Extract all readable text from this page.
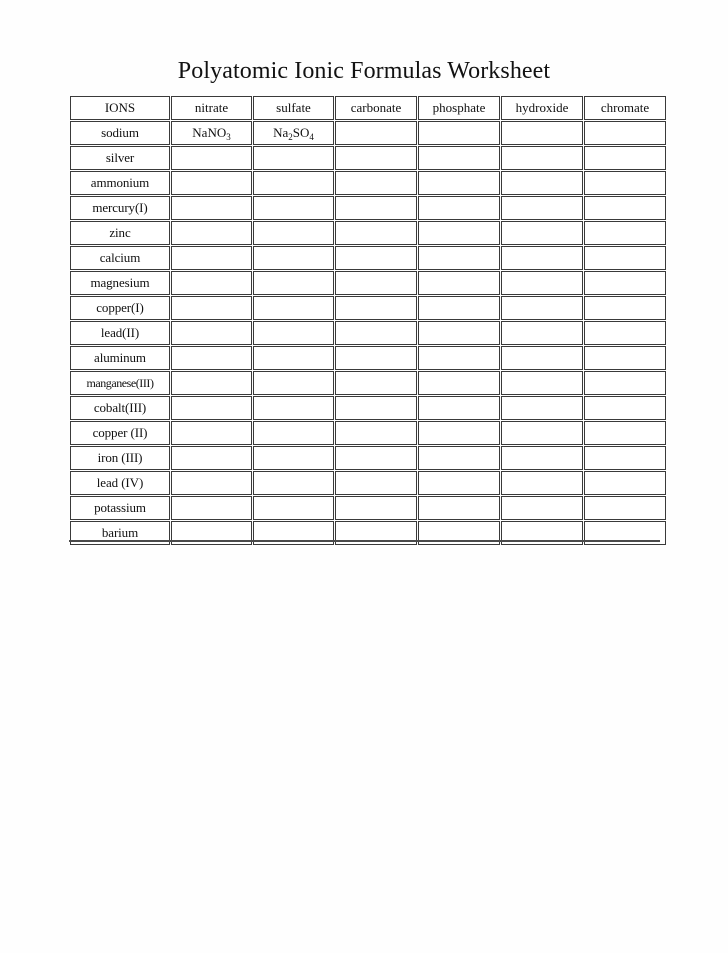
Polyatomic Ionic Formulas Worksheet
IONS	nitrate	sulfate	carbonate	phosphate	hydroxide	chromate
sodium	NaNO$_3$	$Na_2SO_4$				
silver						
ammonium						
mercury(I)						
zinc						
calcium						
magnesium						
copper(I)						
lead(II)						
aluminum						
manganese(III)						
cobalt(III)						
copper (II)						
iron (III)						
lead (IV)						
potassium						
barium						
